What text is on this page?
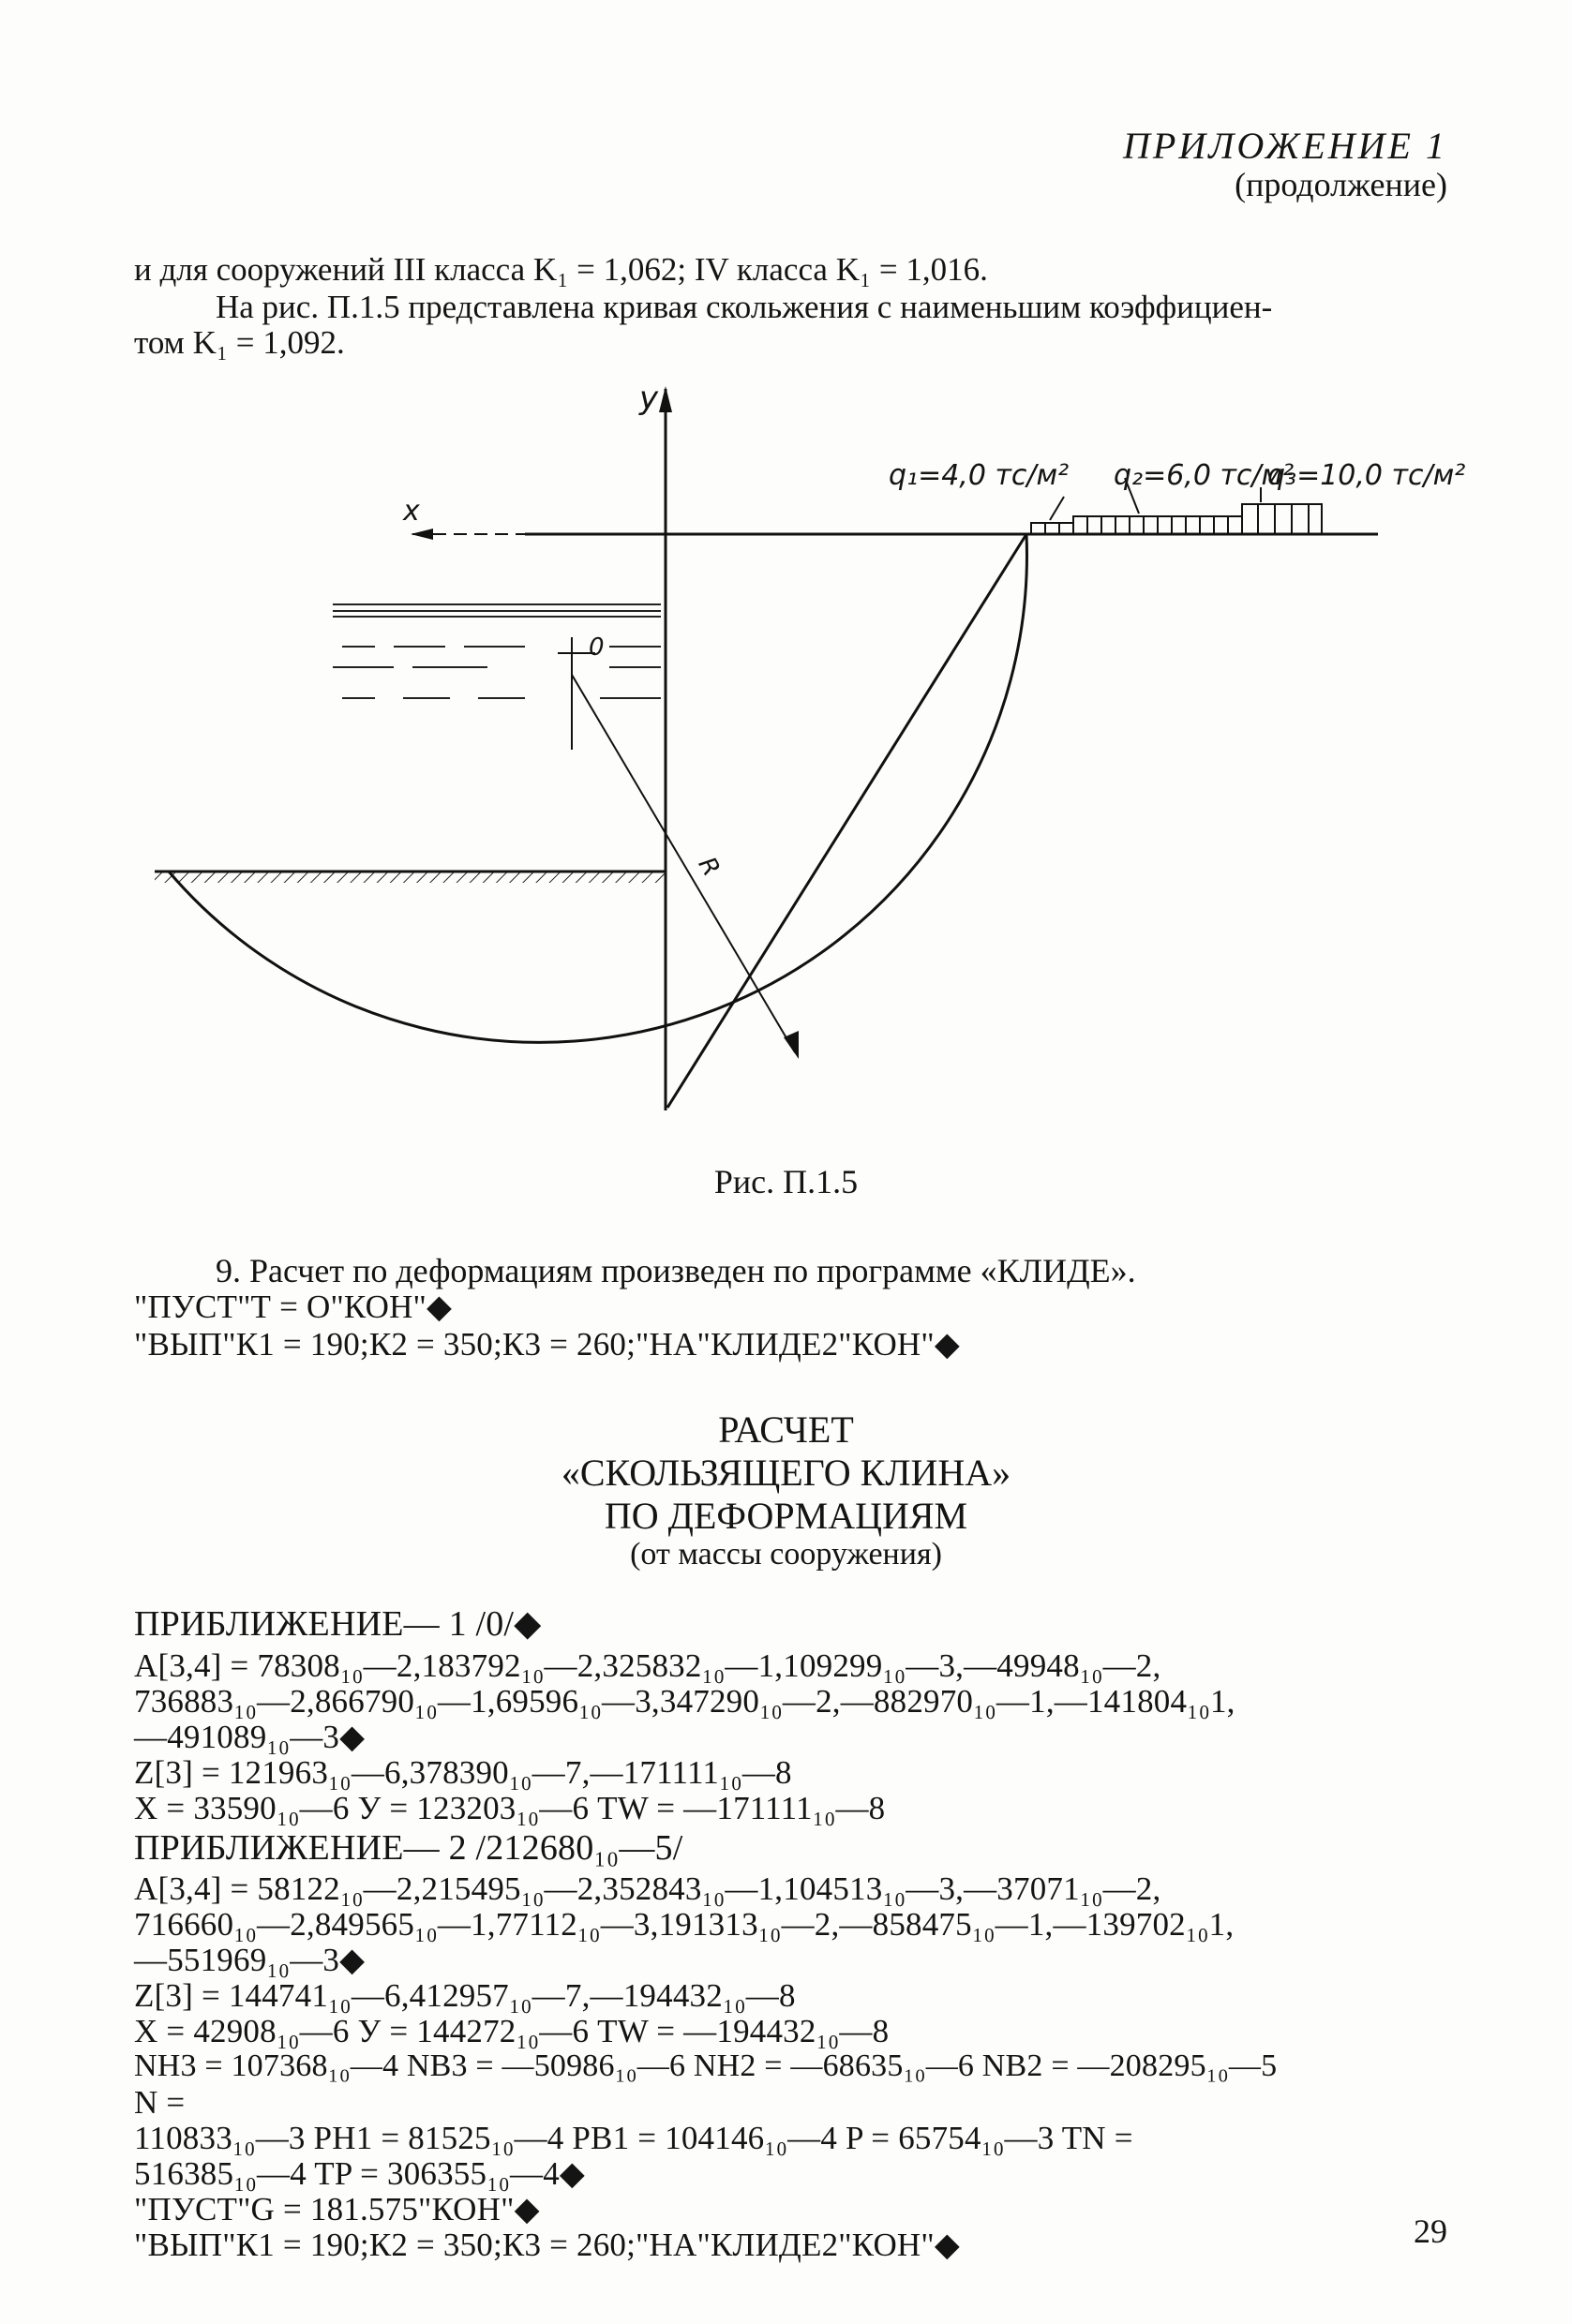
ПРИЛОЖЕНИЕ 1
(продолжение)
и для сооружений III класса K₁ = 1,062; IV класса K₁ = 1,016.
На рис. П.1.5 представлена кривая скольжения с наименьшим коэффициен-
том K₁ = 1,092.
y
x
0
R
q₁=4,0 тс/м² q₂=6,0 тс/м²
q₃=10,0 тс/м²
Рис. П.1.5
9. Расчет по деформациям произведен по программе «КЛИДЕ».
"ПУСТ"Т = О"КОН"◆
"ВЫП"К1 = 190;К2 = 350;К3 = 260;"НА"КЛИДЕ2"КОН"◆
РАСЧЕТ
«СКОЛЬЗЯЩЕГО КЛИНА»
ПО ДЕФОРМАЦИЯМ
(от массы сооружения)
ПРИБЛИЖЕНИЕ— 1 /0/◆
A[3,4] = 78308₁₀—2,183792₁₀—2,325832₁₀—1,109299₁₀—3,—49948₁₀—2,
736883₁₀—2,866790₁₀—1,69596₁₀—3,347290₁₀—2,—882970₁₀—1,—141804₁₀1,
—491089₁₀—3◆
Z[3] = 121963₁₀—6,378390₁₀—7,—171111₁₀—8
X = 33590₁₀—6 У = 123203₁₀—6 TW = —171111₁₀—8
ПРИБЛИЖЕНИЕ— 2 /212680₁₀—5/
A[3,4] = 58122₁₀—2,215495₁₀—2,352843₁₀—1,104513₁₀—3,—37071₁₀—2,
716660₁₀—2,849565₁₀—1,77112₁₀—3,191313₁₀—2,—858475₁₀—1,—139702₁₀1,
—551969₁₀—3◆
Z[3] = 144741₁₀—6,412957₁₀—7,—194432₁₀—8
X = 42908₁₀—6 У = 144272₁₀—6 TW = —194432₁₀—8
NH3 = 107368₁₀—4 NB3 = —50986₁₀—6 NH2 = —68635₁₀—6 NB2 = —208295₁₀—5
N =
110833₁₀—3 PH1 = 81525₁₀—4 PB1 = 104146₁₀—4 P = 65754₁₀—3 TN =
516385₁₀—4 TP = 306355₁₀—4◆
"ПУСТ"G = 181.575"КОН"◆
"ВЫП"К1 = 190;К2 = 350;К3 = 260;"НА"КЛИДЕ2"КОН"◆	29
